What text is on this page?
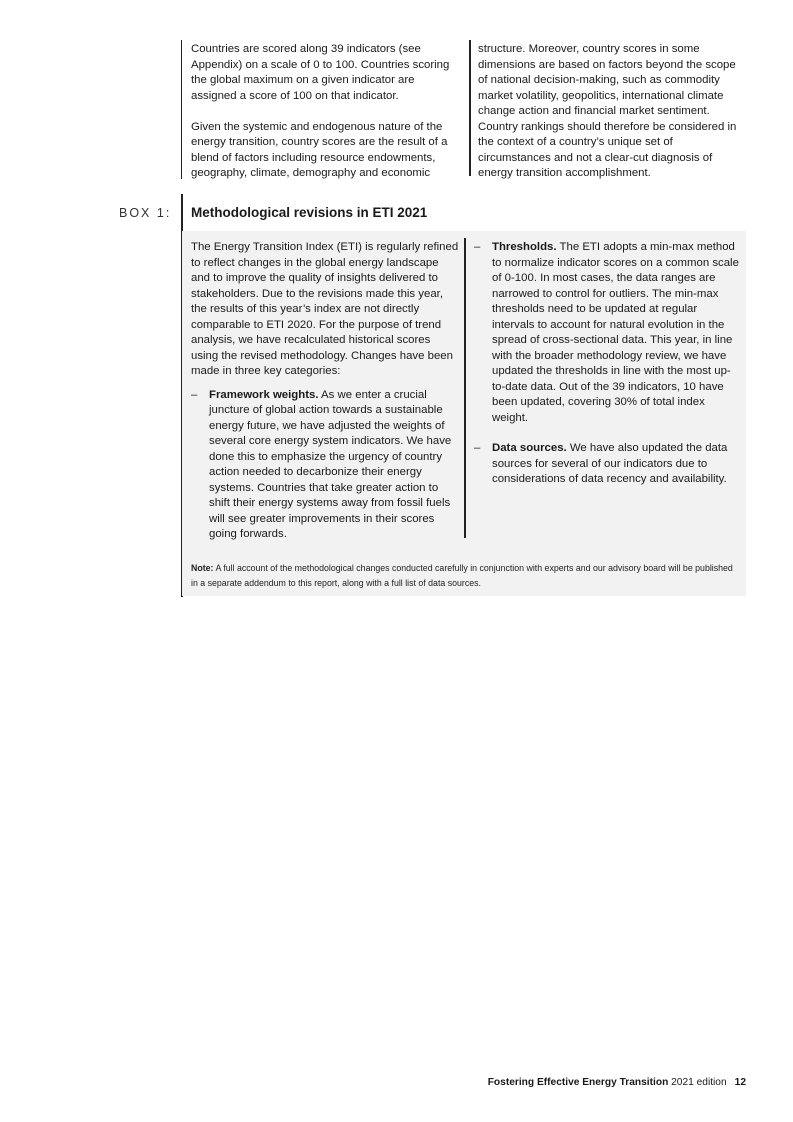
Countries are scored along 39 indicators (see Appendix) on a scale of 0 to 100. Countries scoring the global maximum on a given indicator are assigned a score of 100 on that indicator.

Given the systemic and endogenous nature of the energy transition, country scores are the result of a blend of factors including resource endowments, geography, climate, demography and economic

structure. Moreover, country scores in some dimensions are based on factors beyond the scope of national decision-making, such as commodity market volatility, geopolitics, international climate change action and financial market sentiment. Country rankings should therefore be considered in the context of a country’s unique set of circumstances and not a clear-cut diagnosis of energy transition accomplishment.

BOX 1: Methodological revisions in ETI 2021

The Energy Transition Index (ETI) is regularly refined to reflect changes in the global energy landscape and to improve the quality of insights delivered to stakeholders. Due to the revisions made this year, the results of this year’s index are not directly comparable to ETI 2020. For the purpose of trend analysis, we have recalculated historical scores using the revised methodology. Changes have been made in three key categories:

– Framework weights. As we enter a crucial juncture of global action towards a sustainable energy future, we have adjusted the weights of several core energy system indicators. We have done this to emphasize the urgency of country action needed to decarbonize their energy systems. Countries that take greater action to shift their energy systems away from fossil fuels will see greater improvements in their scores going forwards.
– Thresholds. The ETI adopts a min-max method to normalize indicator scores on a common scale of 0-100. In most cases, the data ranges are narrowed to control for outliers. The min-max thresholds need to be updated at regular intervals to account for natural evolution in the spread of cross-sectional data. This year, in line with the broader methodology review, we have updated the thresholds in line with the most up-to-date data. Out of the 39 indicators, 10 have been updated, covering 30% of total index weight.
– Data sources. We have also updated the data sources for several of our indicators due to considerations of data recency and availability.
Note: A full account of the methodological changes conducted carefully in conjunction with experts and our advisory board will be published in a separate addendum to this report, along with a full list of data sources.
Fostering Effective Energy Transition 2021 edition 12
